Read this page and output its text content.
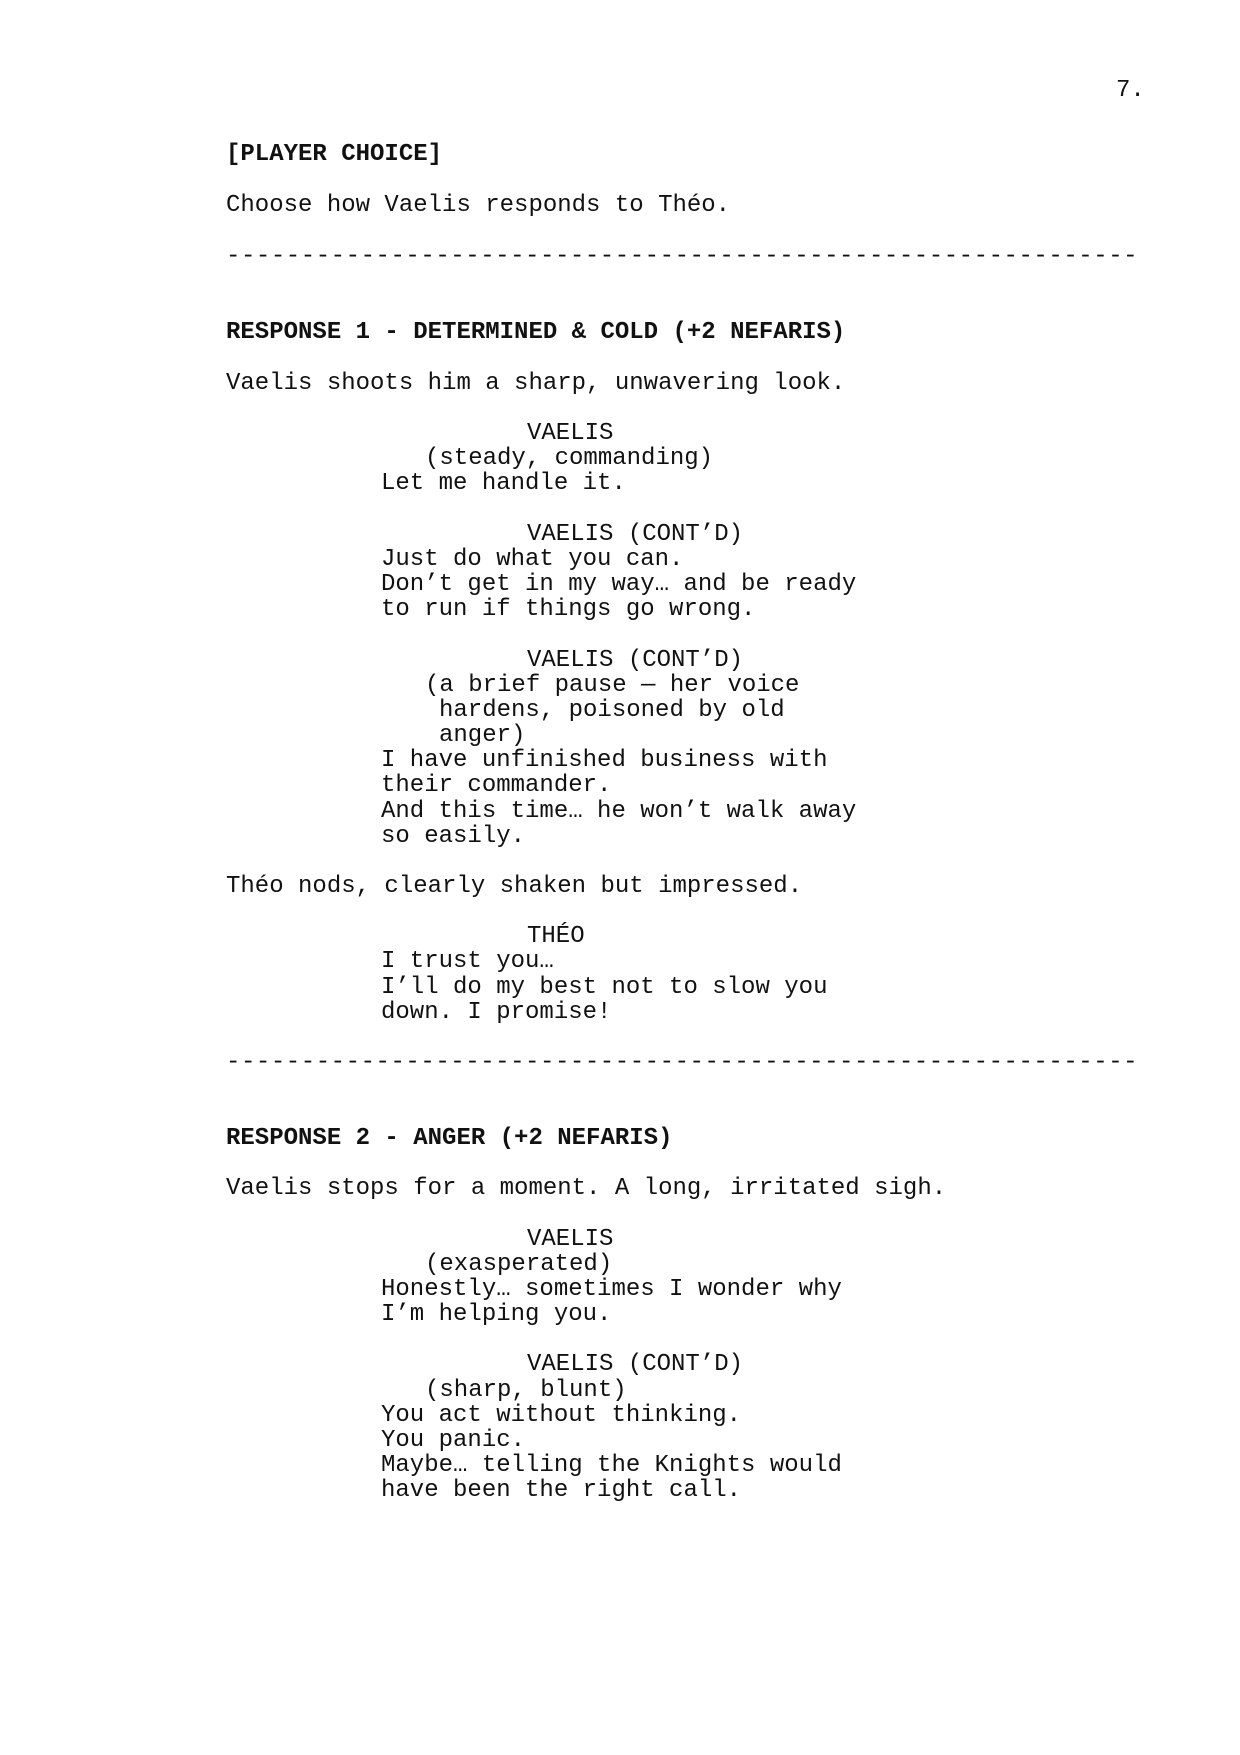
7.
[PLAYER CHOICE]
Choose how Vaelis responds to Théo.
-------------------------------------------------------------
RESPONSE 1 - DETERMINED & COLD (+2 NEFARIS)
Vaelis shoots him a sharp, unwavering look.
VAELIS
(steady, commanding)
Let me handle it.
VAELIS (CONT’D)
Just do what you can.
Don’t get in my way… and be ready
to run if things go wrong.
VAELIS (CONT’D)
(a brief pause — her voice
hardens, poisoned by old
anger)
I have unfinished business with
their commander.
And this time… he won’t walk away
so easily.
Théo nods, clearly shaken but impressed.
THÉO
I trust you…
I’ll do my best not to slow you
down. I promise!
-------------------------------------------------------------
RESPONSE 2 - ANGER (+2 NEFARIS)
Vaelis stops for a moment. A long, irritated sigh.
VAELIS
(exasperated)
Honestly… sometimes I wonder why
I’m helping you.
VAELIS (CONT’D)
(sharp, blunt)
You act without thinking.
You panic.
Maybe… telling the Knights would
have been the right call.
